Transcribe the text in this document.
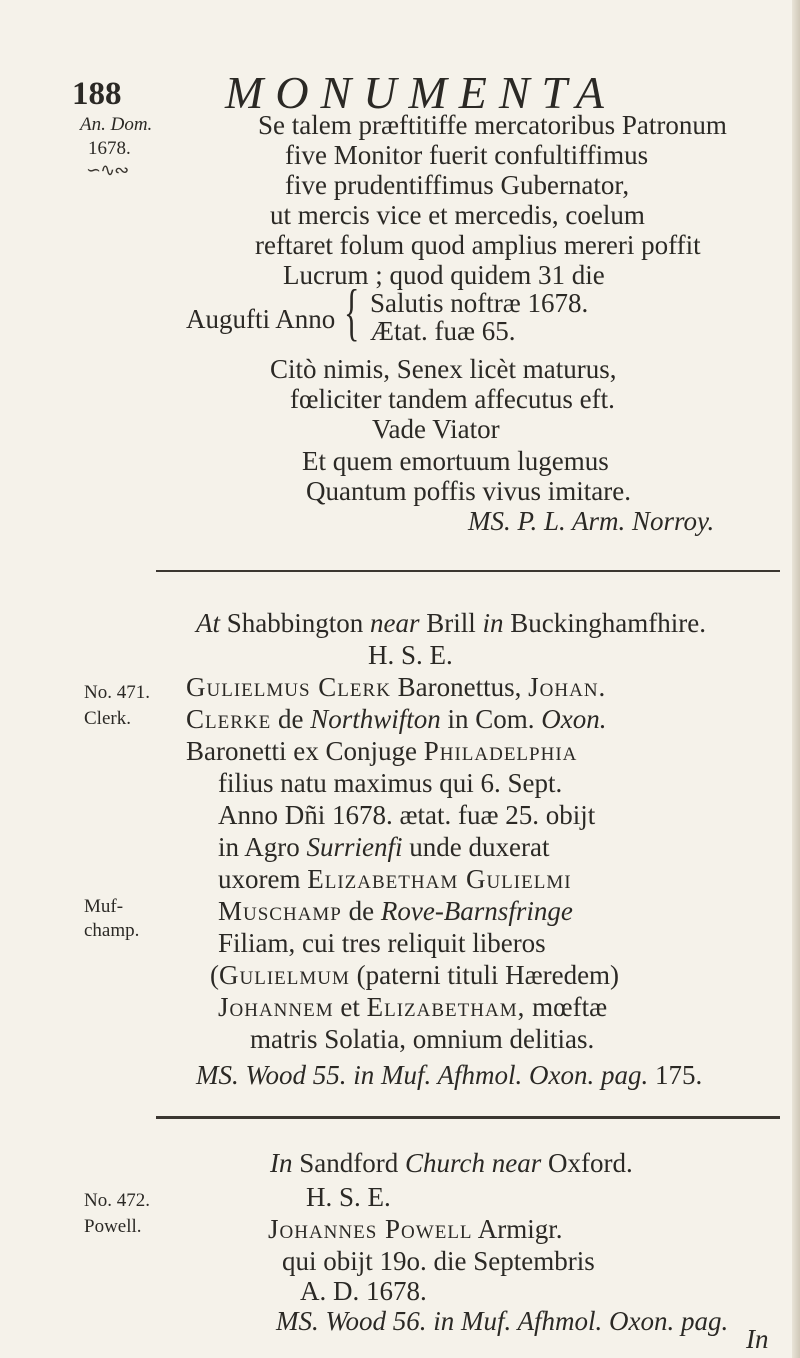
188 MONUMENTA
An. Dom.
1678.
∽∿∾
Se talem præftitiffe mercatoribus Patronum
five Monitor fuerit confultiffimus
five prudentiffimus Gubernator,
ut mercis vice et mercedis, coelum
reftaret folum quod amplius mereri poffit
Lucrum ; quod quidem 31 die
Augufti Anno { Salutis noftræ 1678.
Ætat. fuæ 65.
Citò nimis, Senex licèt maturus,
fœliciter tandem affecutus eft.
Vade Viator
Et quem emortuum lugemus
Quantum poffis vivus imitare.
MS. P. L. Arm. Norroy.
At Shabbington near Brill in Buckinghamfhire.
H. S. E.
No. 471.
Clerk.
Gulielmus Clerk Baronettus, Johan.
Clerke de Northwifton in Com. Oxon.
Baronetti ex Conjuge Philadelphia
filius natu maximus qui 6. Sept.
Anno Dñi 1678. ætat. fuæ 25. obijt
in Agro Surrienfi unde duxerat
uxorem Elizabetham Gulielmi
Muf-
champ.
Muschamp de Rove-Barnsfringe
Filiam, cui tres reliquit liberos
(Gulielmum (paterni tituli Hæredem)
Johannem et Elizabetham, mœftæ
matris Solatia, omnium delitias.
MS. Wood 55. in Muf. Afhmol. Oxon. pag. 175.
In Sandford Church near Oxford.
No. 472.
Powell.
H. S. E.
Johannes Powell Armigr.
qui obijt 19o. die Septembris
A. D. 1678.
MS. Wood 56. in Muf. Afhmol. Oxon. pag.
In
